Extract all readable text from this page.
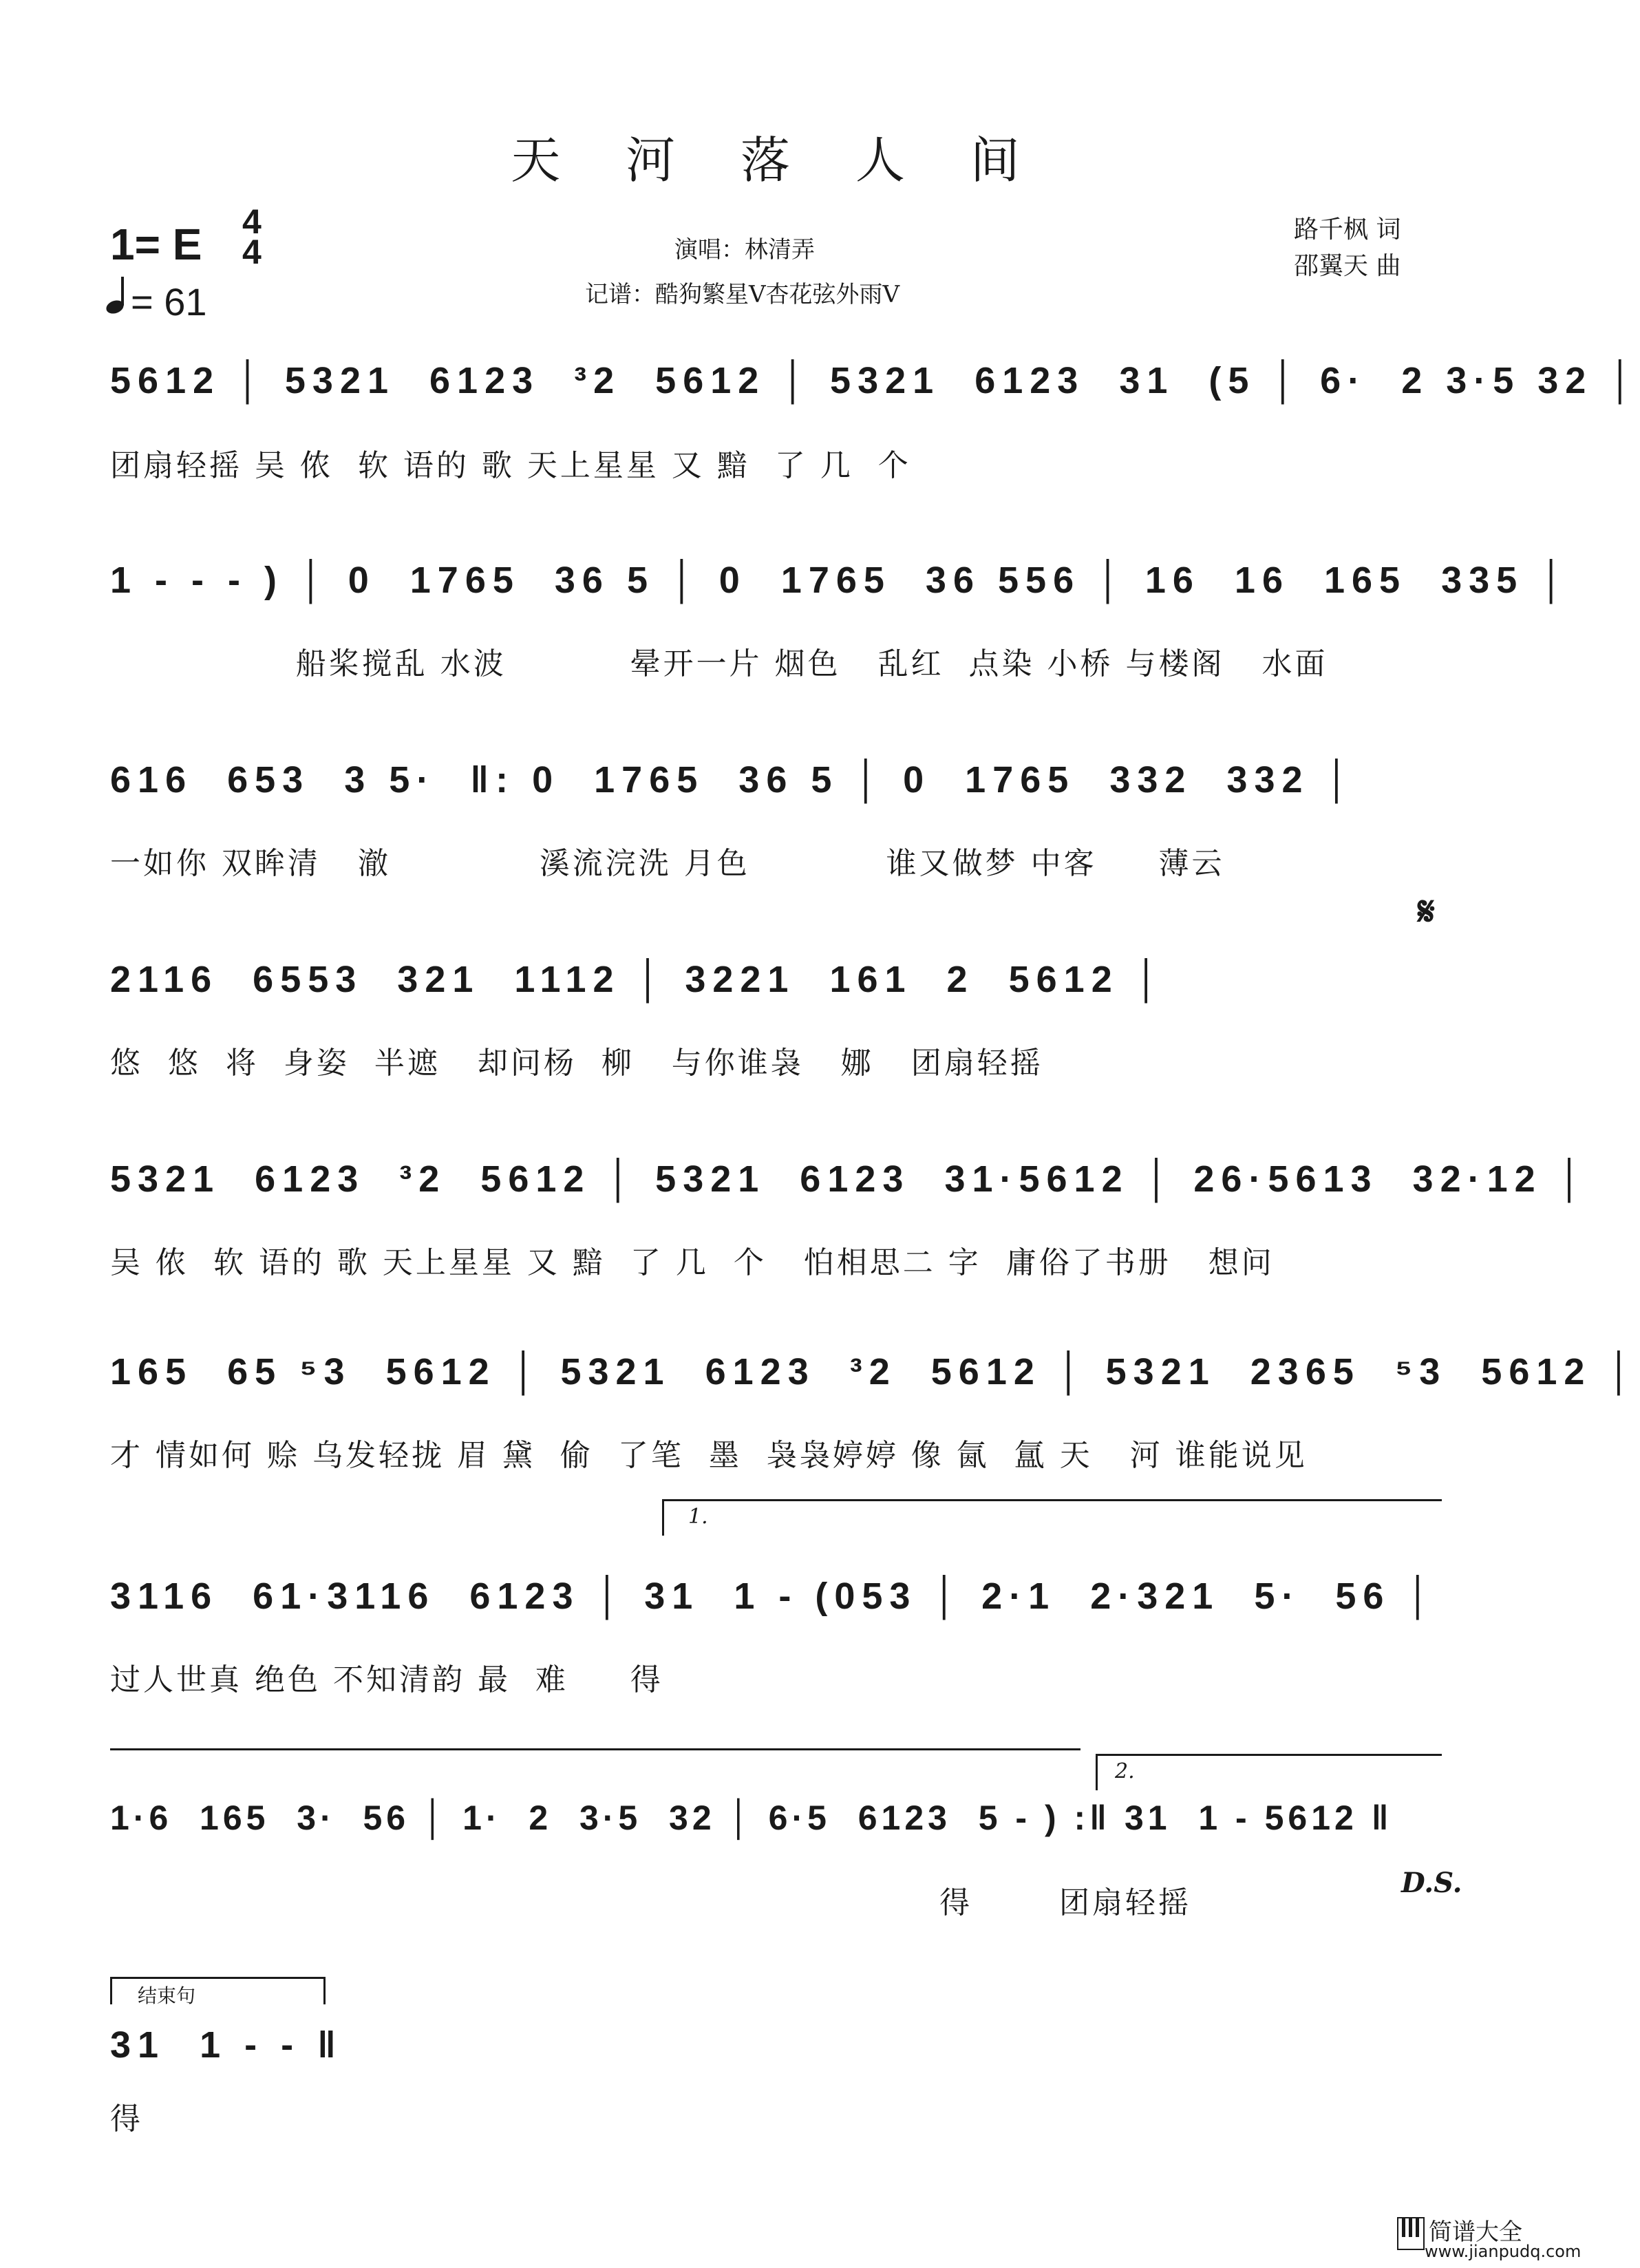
天 河 落 人 间
1= E 4
4
= 61
演唱：林清弄
记谱：酷狗繁星V杏花弦外雨V
路千枫 词
邵翼天 曲
5612 │ 5321  6123  ³2  5612 │ 5321  6123  31  (5 │ 6·  2 3·5 32 │
团扇轻摇 吴 侬  软 语的 歌 天上星星 又 黯  了 几  个
1 - - - ) │ 0  1765  36 5 │ 0  1765  36 556 │ 16  16  165  335 │
船桨搅乱 水波          晕开一片 烟色   乱红  点染 小桥 与楼阁   水面
616  653  3 5·  ‖: 0  1765  36 5 │ 0  1765  332  332 │
一如你 双眸清   澈            溪流浣洗 月色           谁又做梦 中客     薄云
𝄋
2116  6553  321  1112 │ 3221  161  2  5612 │
悠  悠  将  身姿  半遮   却问杨  柳   与你谁袅   娜   团扇轻摇
5321  6123  ³2  5612 │ 5321  6123  31·5612 │ 26·5613  32·12 │
吴 侬  软 语的 歌 天上星星 又 黯  了 几  个   怕相思二 字  庸俗了书册   想问
165  65 ⁵3  5612 │ 5321  6123  ³2  5612 │ 5321  2365  ⁵3  5612 │
才 情如何 赊 乌发轻拢 眉 黛  偷  了笔  墨  袅袅婷婷 像 氤  氲 天   河 谁能说见
1.
3116  61·3116  6123 │ 31  1 - (053 │ 2·1  2·321  5·  56 │
过人世真 绝色 不知清韵 最  难     得
2.
1·6  165  3·  56 │ 1·  2  3·5  32 │ 6·5  6123  5 - ) :‖ 31  1 - 5612 ‖
得       团扇轻摇
D.S.
结束句
31  1 - - ‖
得
简谱大全
www.jianpudq.com
